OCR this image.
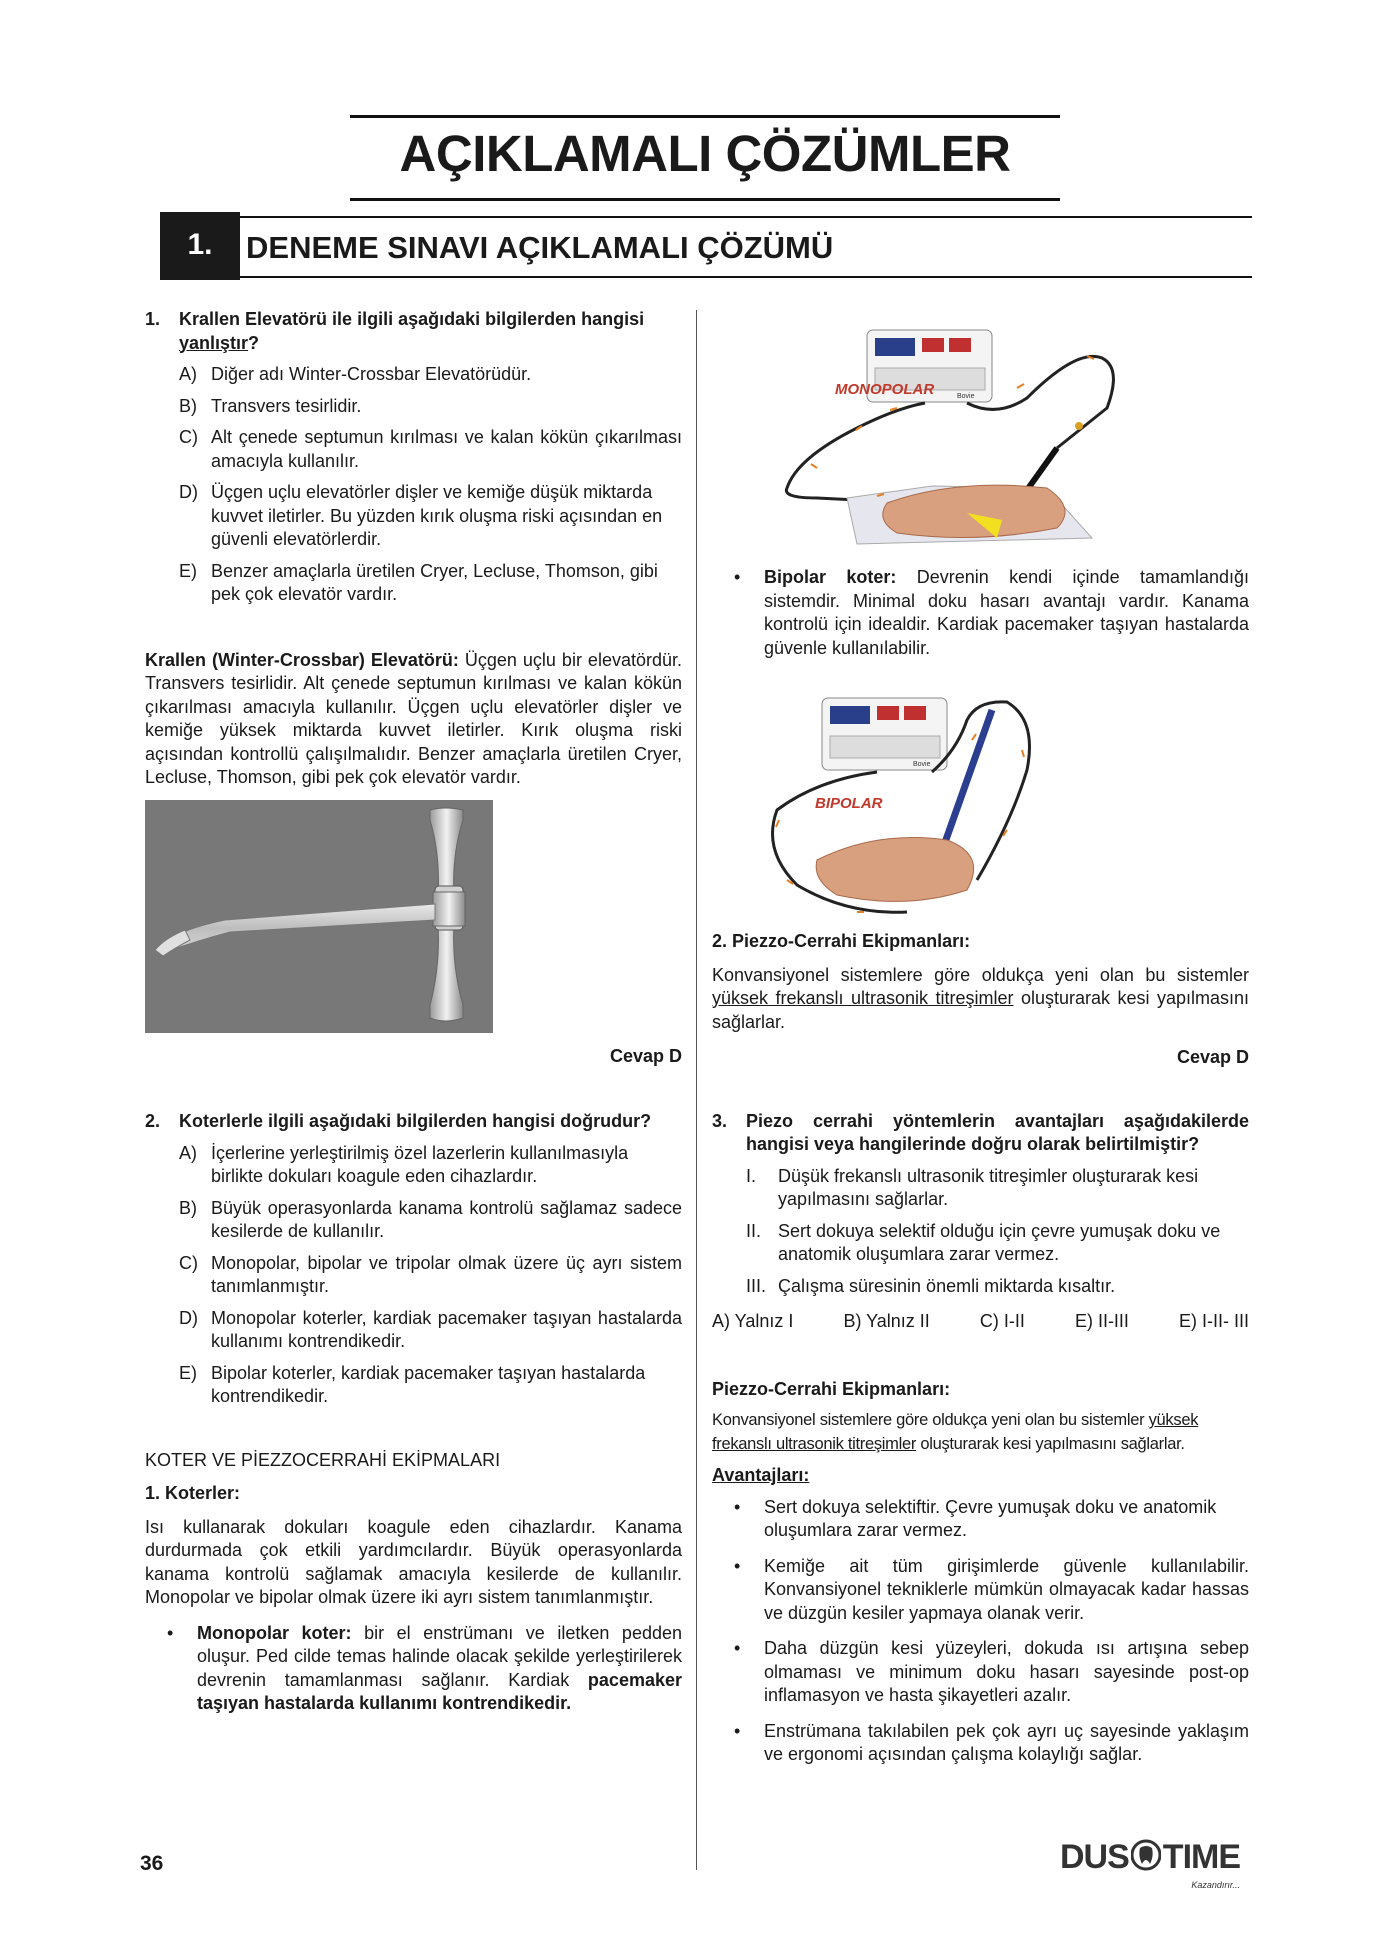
AÇIKLAMALI ÇÖZÜMLER
1.	DENEME SINAVI AÇIKLAMALI ÇÖZÜMÜ
1.	Krallen Elevatörü ile ilgili aşağıdaki bilgilerden hangisi yanlıştır?
A) Diğer adı Winter-Crossbar Elevatörüdür.
B) Transvers tesirlidir.
C) Alt çenede septumun kırılması ve kalan kökün çıkarılması amacıyla kullanılır.
D) Üçgen uçlu elevatörler dişler ve kemiğe düşük miktarda kuvvet iletirler. Bu yüzden kırık oluşma riski açısından en güvenli elevatörlerdir.
E) Benzer amaçlarla üretilen Cryer, Lecluse, Thomson, gibi pek çok elevatör vardır.

Krallen (Winter-Crossbar) Elevatörü: Üçgen uçlu bir elevatördür. Transvers tesirlidir. Alt çenede septumun kırılması ve kalan kökün çıkarılması amacıyla kullanılır. Üçgen uçlu elevatörler dişler ve kemiğe yüksek miktarda kuvvet iletirler. Kırık oluşma riski açısından kontrollü çalışılmalıdır. Benzer amaçlarla üretilen Cryer, Lecluse, Thomson, gibi pek çok elevatör vardır.

Cevap D
2.	Koterlerle ilgili aşağıdaki bilgilerden hangisi doğrudur?
A) İçerlerine yerleştirilmiş özel lazerlerin kullanılmasıyla birlikte dokuları koagule eden cihazlardır.
B) Büyük operasyonlarda kanama kontrolü sağlamaz sadece kesilerde de kullanılır.
C) Monopolar, bipolar ve tripolar olmak üzere üç ayrı sistem tanımlanmıştır.
D) Monopolar koterler, kardiak pacemaker taşıyan hastalarda kullanımı kontrendikedir.
E) Bipolar koterler, kardiak pacemaker taşıyan hastalarda kontrendikedir.

KOTER VE PİEZZOCERRAHİ EKİPMALARI

1. Koterler:

Isı kullanarak dokuları koagule eden cihazlardır. Kanama durdurmada çok etkili yardımcılardır. Büyük operasyonlarda kanama kontrolü sağlamak amacıyla kesilerde de kullanılır. Monopolar ve bipolar olmak üzere iki ayrı sistem tanımlanmıştır.

•	Monopolar koter: bir el enstrümanı ve iletken pedden oluşur. Ped cilde temas halinde olacak şekilde yerleştirilerek devrenin tamamlanması sağlanır. Kardiak pacemaker taşıyan hastalarda kullanımı kontrendikedir.
Bovie
MONOPOLAR
•	Bipolar koter: Devrenin kendi içinde tamamlandığı sistemdir. Minimal doku hasarı avantajı vardır. Kanama kontrolü için idealdir. Kardiak pacemaker taşıyan hastalarda güvenle kullanılabilir.
Bovie
BIPOLAR

2. Piezzo-Cerrahi Ekipmanları:

Konvansiyonel sistemlere göre oldukça yeni olan bu sistemler yüksek frekanslı ultrasonik titreşimler oluşturarak kesi yapılmasını sağlarlar.

Cevap D
3.	Piezo cerrahi yöntemlerin avantajları aşağıdakilerde hangisi veya hangilerinde doğru olarak belirtilmiştir?
I.	Düşük frekanslı ultrasonik titreşimler oluşturarak kesi yapılmasını sağlarlar.
II. Sert dokuya selektif olduğu için çevre yumuşak doku ve anatomik oluşumlara zarar vermez.
III. Çalışma süresinin önemli miktarda kısaltır.
A) Yalnız I	B) Yalnız II	C) I-II	E) II-III	E) I-II- III

Piezzo-Cerrahi Ekipmanları:

Konvansiyonel sistemlere göre oldukça yeni olan bu sistemler yüksek frekanslı ultrasonik titreşimler oluşturarak kesi yapılmasını sağlarlar.

Avantajları:

•	Sert dokuya selektiftir. Çevre yumuşak doku ve anatomik oluşumlara zarar vermez.
•	Kemiğe ait tüm girişimlerde güvenle kullanılabilir. Konvansiyonel tekniklerle mümkün olmayacak kadar hassas ve düzgün kesiler yapmaya olanak verir.
•	Daha düzgün kesi yüzeyleri, dokuda ısı artışına sebep olmaması ve minimum doku hasarı sayesinde post-op inflamasyon ve hasta şikayetleri azalır.
•	Enstrümana takılabilen pek çok ayrı uç sayesinde yaklaşım ve ergonomi açısından çalışma kolaylığı sağlar.
36	DUS TIME
Kazandırır...
